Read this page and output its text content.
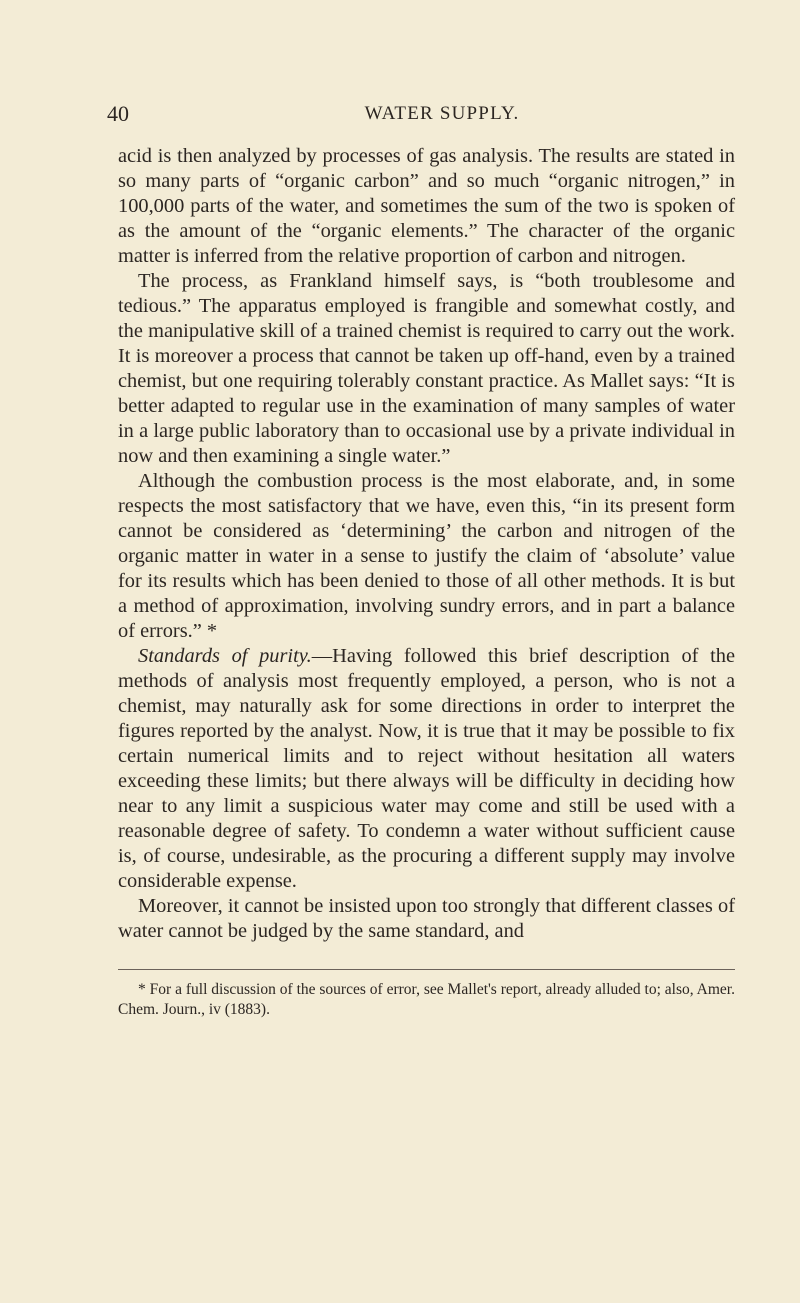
40	WATER SUPPLY.

acid is then analyzed by processes of gas analysis. The results are stated in so many parts of “organic carbon” and so much “organic nitrogen,” in 100,000 parts of the water, and sometimes the sum of the two is spoken of as the amount of the “organic elements.” The character of the organic matter is inferred from the relative proportion of carbon and nitrogen.

The process, as Frankland himself says, is “both troublesome and tedious.” The apparatus employed is frangible and somewhat costly, and the manipulative skill of a trained chemist is required to carry out the work. It is moreover a process that cannot be taken up off-hand, even by a trained chemist, but one requiring tolerably constant practice. As Mallet says: “It is better adapted to regular use in the examination of many samples of water in a large public laboratory than to occasional use by a private individual in now and then examining a single water.”

Although the combustion process is the most elaborate, and, in some respects the most satisfactory that we have, even this, “in its present form cannot be considered as ‘determining’ the carbon and nitrogen of the organic matter in water in a sense to justify the claim of ‘absolute’ value for its results which has been denied to those of all other methods. It is but a method of approximation, involving sundry errors, and in part a balance of errors.” *

Standards of purity.—Having followed this brief description of the methods of analysis most frequently employed, a person, who is not a chemist, may naturally ask for some directions in order to interpret the figures reported by the analyst. Now, it is true that it may be possible to fix certain numerical limits and to reject without hesitation all waters exceeding these limits; but there always will be difficulty in deciding how near to any limit a suspicious water may come and still be used with a reasonable degree of safety. To condemn a water without sufficient cause is, of course, undesirable, as the procuring a different supply may involve considerable expense.

Moreover, it cannot be insisted upon too strongly that different classes of water cannot be judged by the same standard, and

* For a full discussion of the sources of error, see Mallet's report, already alluded to; also, Amer. Chem. Journ., iv (1883).
